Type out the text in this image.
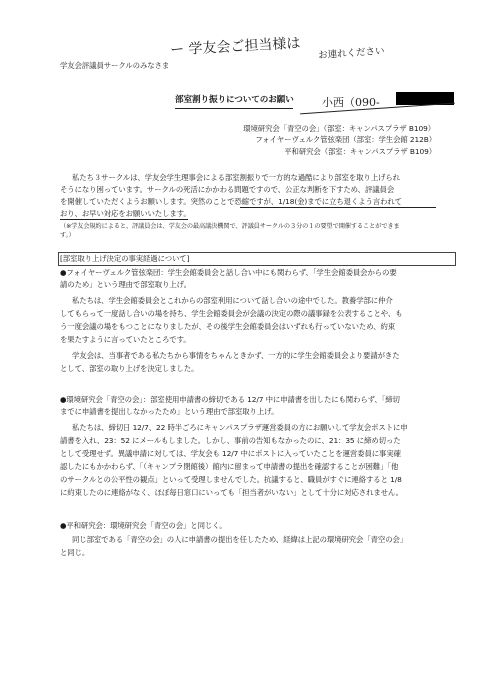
学友会評議員サークルのみなさま
ー 学友会ご担当様は お連れください
部室割り振りについてのお願い	小西（090-
環境研究会「青空の会」（部室：キャンパスプラザ B109）
フォイヤーヴェルク管弦楽団（部室：学生会館 212B）
平和研究会（部室：キャンパスプラザ B109）
私たち３サークルは、学友会学生理事会による部室割振りで一方的な過酷により部室を取り上げられ
そうになり困っています。サークルの死活にかかわる問題ですので、公正な判断を下すため、評議員会
を開催していただくようお願いします。突然のことで恐縮ですが、1/18(金)までに立ち退くよう言われて
おり、お早い対応をお願いいたします。
（※学友会規約によると、評議員会は、学友会の最高議決機関で、評議員サークルの３分の１の要望で開催することができま
す。）
[部室取り上げ決定の事実経過について]
●フォイヤーヴェルク管弦楽団：学生会館委員会と話し合い中にも関わらず、「学生会館委員会からの要
請のため」という理由で部室取り上げ。
私たちは、学生会館委員会とこれからの部室利用について話し合いの途中でした。教養学部に仲介
してもらって一度話し合いの場を持ち、学生会館委員会が会議の決定の際の議事録を公表することや、も
う一度会議の場をもつことになりましたが、その後学生会館委員会はいずれも行っていないため、約束
を果たすように言っていたところです。
学友会は、当事者である私たちから事情をちゃんときかず、一方的に学生会館委員会より要請がきた
として、部室の取り上げを決定しました。
●環境研究会「青空の会」：部室使用申請書の締切である 12/7 中に申請書を出したにも関わらず、「締切
までに申請書を提出しなかったため」という理由で部室取り上げ。
私たちは、締切日 12/7、22 時半ごろにキャンパスプラザ運営委員の方にお願いして学友会ポストに申
請書を入れ、23：52 にメールもしました。しかし、事前の告知もなかったのに、21：35 に締め切った
として受理せず。異議申請に対しては、学友会も 12/7 中にポストに入っていたことを運営委員に事実確
認したにもかかわらず、「（キャンプラ閉館後）館内に留まって申請書の提出を確認することが困難」「他
のサークルとの公平性の観点」といって受理しませんでした。抗議すると、職員がすぐに連絡すると 1/8
に約束したのに連絡がなく、ほぼ毎日窓口にいっても「担当者がいない」として十分に対応されません。
●平和研究会：環境研究会「青空の会」と同じく。
同じ部室である「青空の会」の人に申請書の提出を任したため、経緯は上記の環境研究会「青空の会」
と同じ。
